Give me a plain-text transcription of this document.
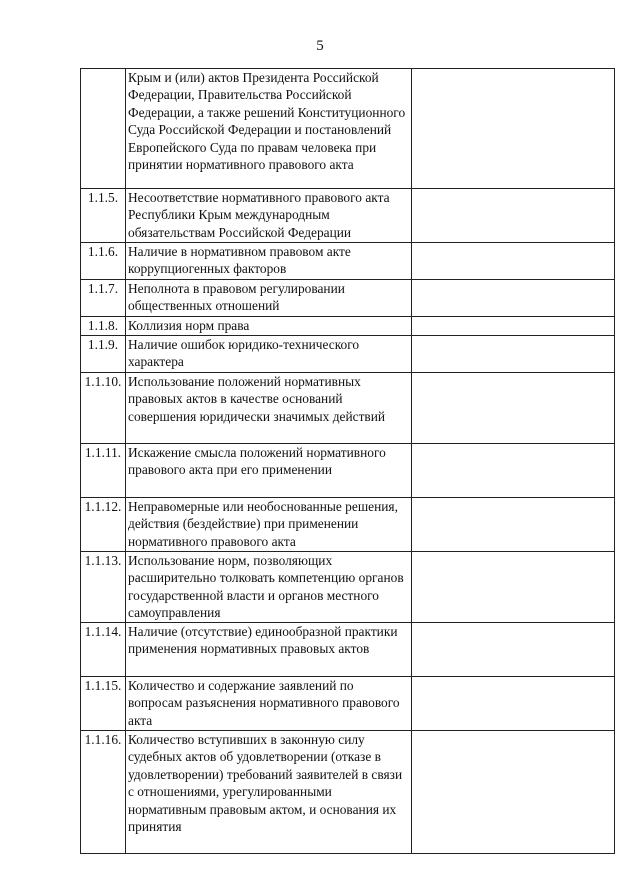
5
	Крым и (или) актов Президента Российской Федерации, Правительства Российской Федерации, а также решений Конституционного Суда Российской Федерации и постановлений Европейского Суда по правам человека при принятии нормативного правового акта	
1.1.5.	Несоответствие нормативного правового акта Республики Крым международным обязательствам Российской Федерации	
1.1.6.	Наличие в нормативном правовом акте коррупциогенных факторов	
1.1.7.	Неполнота в правовом регулировании общественных отношений	
1.1.8.	Коллизия норм права	
1.1.9.	Наличие ошибок юридико-технического характера	
1.1.10.	Использование положений нормативных правовых актов в качестве оснований совершения юридически значимых действий	
1.1.11.	Искажение смысла положений нормативного правового акта при его применении	
1.1.12.	Неправомерные или необоснованные решения, действия (бездействие) при применении нормативного правового акта	
1.1.13.	Использование норм, позволяющих расширительно толковать компетенцию органов государственной власти и органов местного самоуправления	
1.1.14.	Наличие (отсутствие) единообразной практики применения нормативных правовых актов	
1.1.15.	Количество и содержание заявлений по вопросам разъяснения нормативного правового акта	
1.1.16.	Количество вступивших в законную силу судебных актов об удовлетворении (отказе в удовлетворении) требований заявителей в связи с отношениями, урегулированными нормативным правовым актом, и основания их принятия	
